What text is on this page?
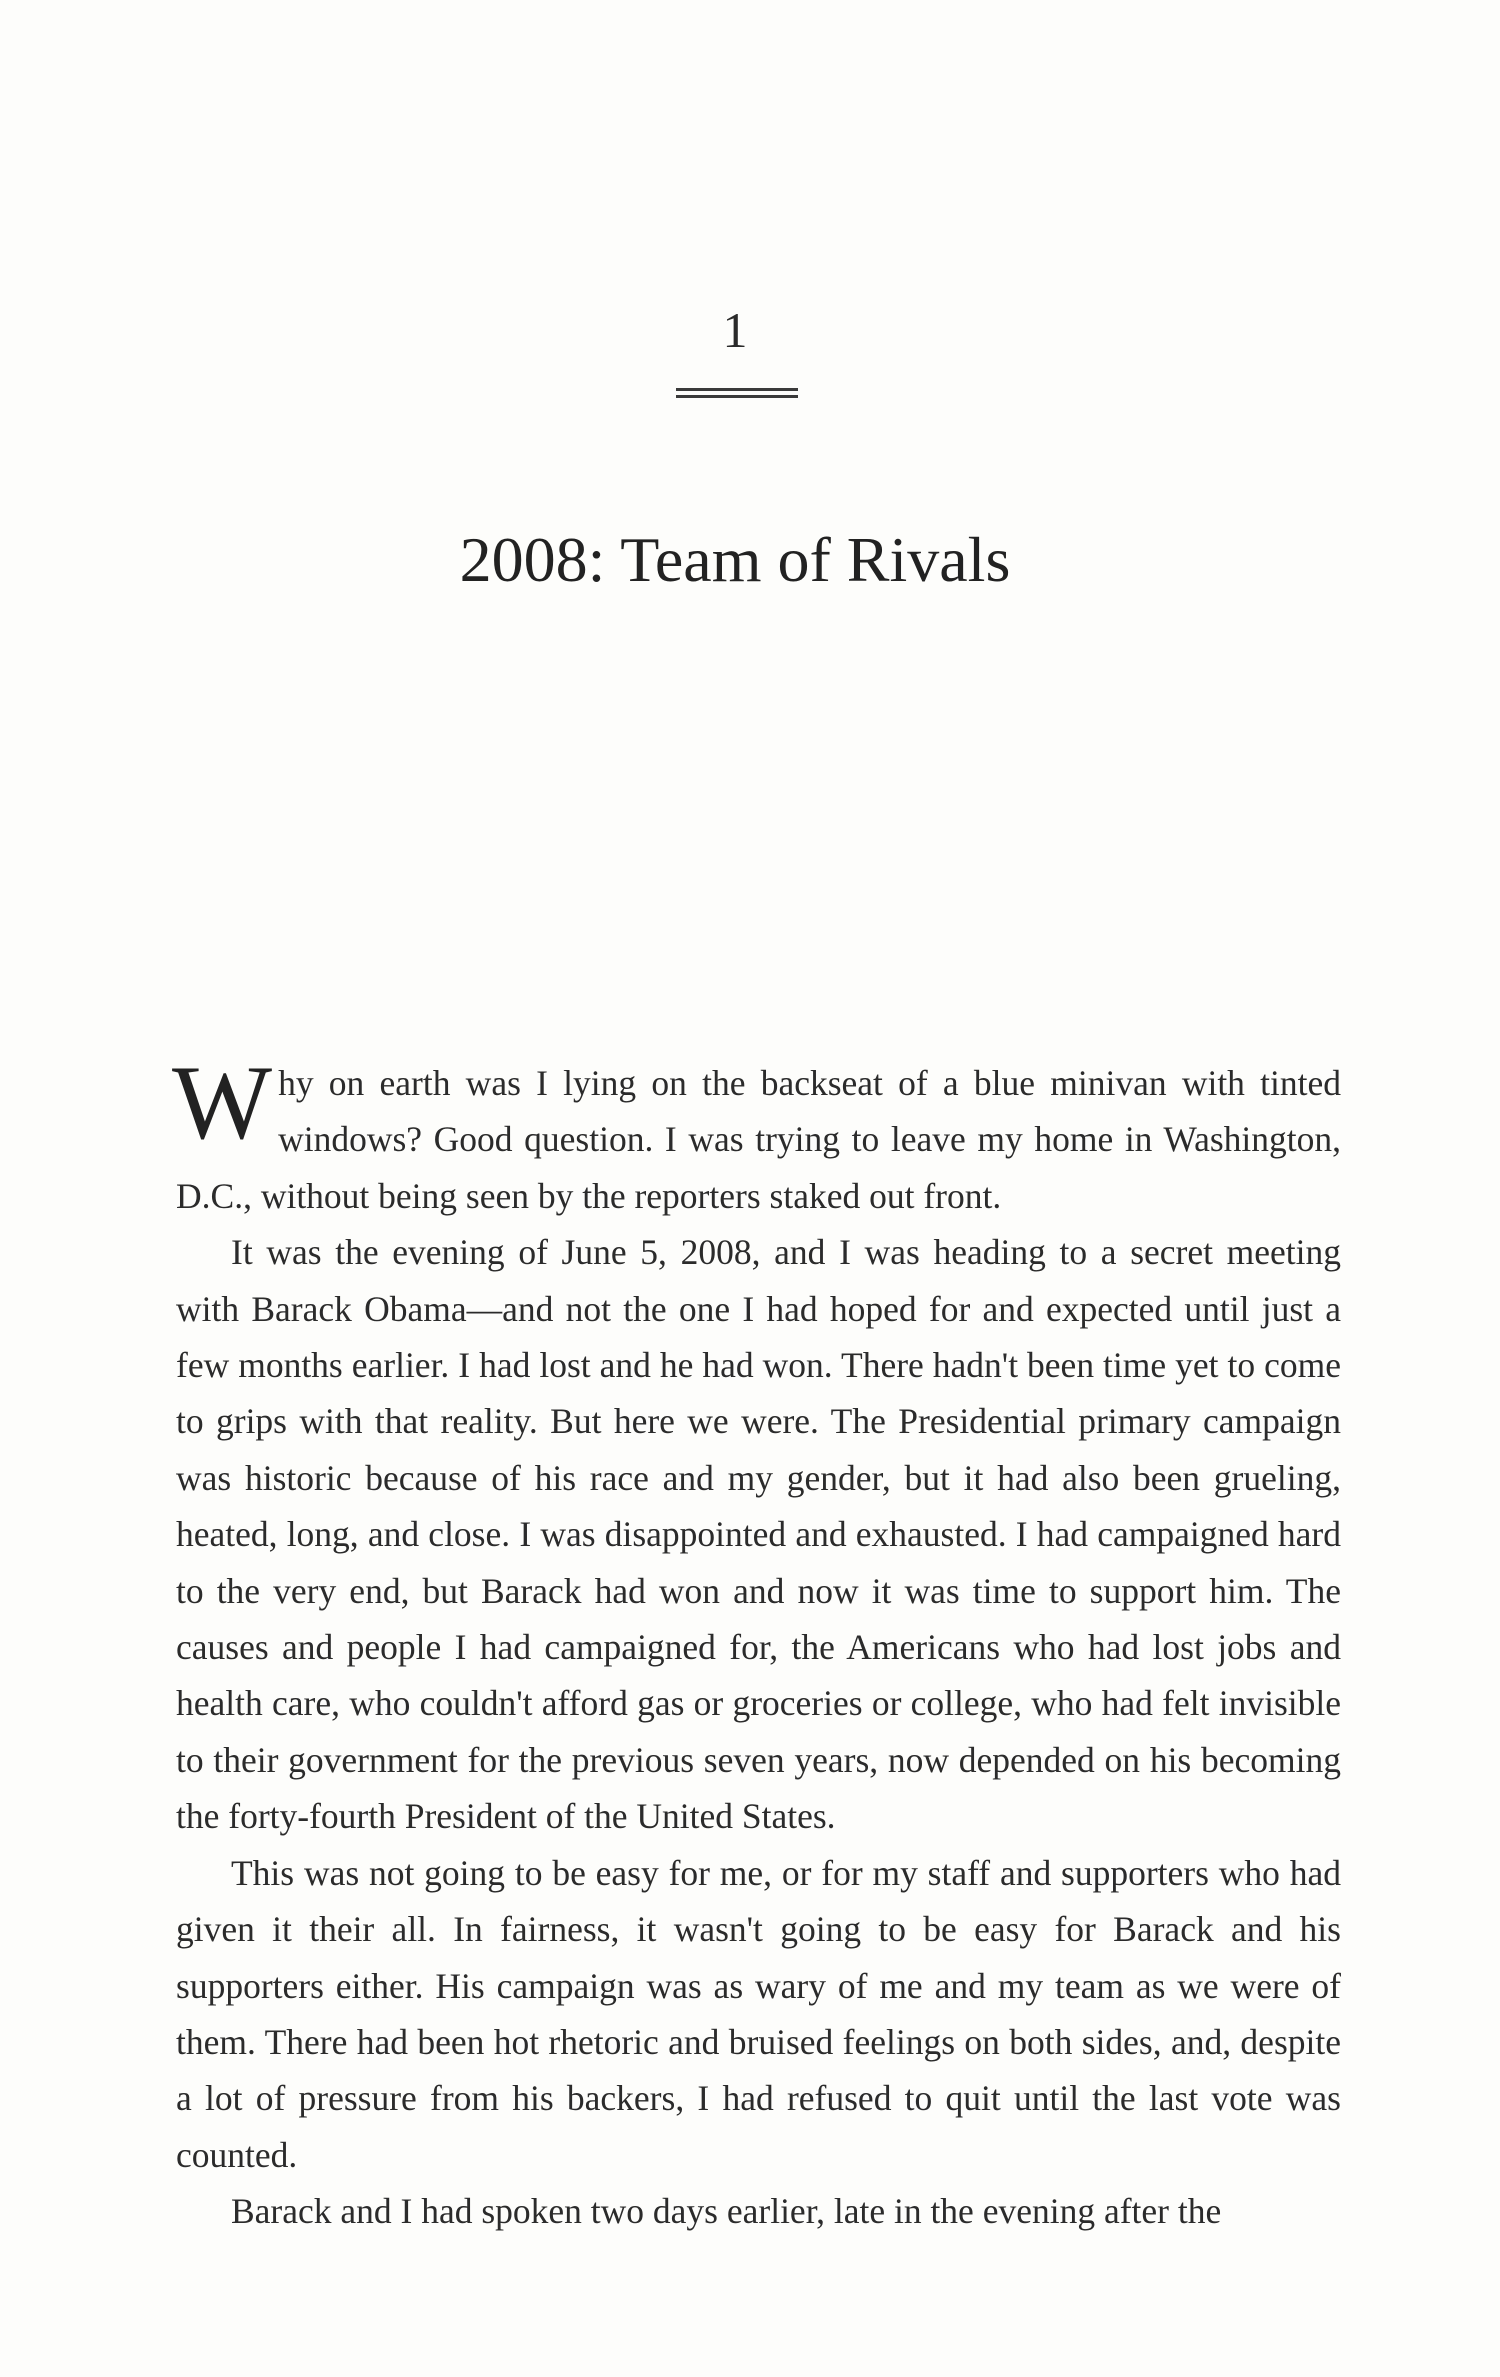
1
2008: Team of Rivals

Why on earth was I lying on the backseat of a blue minivan with tinted windows? Good question. I was trying to leave my home in Washington, D.C., without being seen by the reporters staked out front.

It was the evening of June 5, 2008, and I was heading to a secret meeting with Barack Obama—and not the one I had hoped for and expected until just a few months earlier. I had lost and he had won. There hadn't been time yet to come to grips with that reality. But here we were. The Presidential primary campaign was historic because of his race and my gender, but it had also been grueling, heated, long, and close. I was disappointed and exhausted. I had campaigned hard to the very end, but Barack had won and now it was time to support him. The causes and people I had campaigned for, the Americans who had lost jobs and health care, who couldn't afford gas or groceries or college, who had felt invisible to their government for the previous seven years, now depended on his becoming the forty-fourth President of the United States.

This was not going to be easy for me, or for my staff and supporters who had given it their all. In fairness, it wasn't going to be easy for Barack and his supporters either. His campaign was as wary of me and my team as we were of them. There had been hot rhetoric and bruised feelings on both sides, and, despite a lot of pressure from his backers, I had refused to quit until the last vote was counted.

Barack and I had spoken two days earlier, late in the evening after the
